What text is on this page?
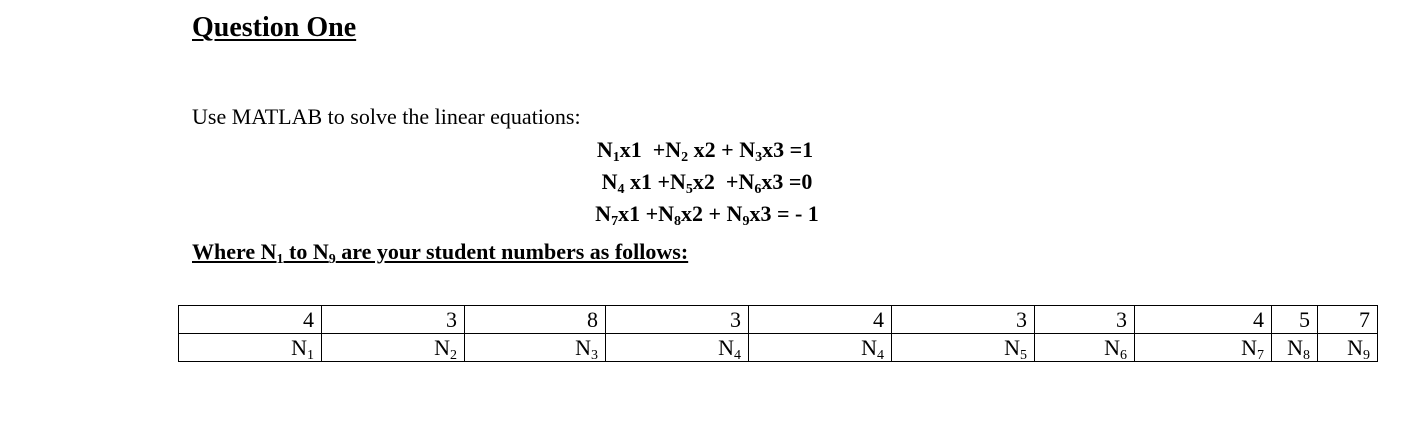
Question One
Use MATLAB to solve the linear equations:
$N_1x1 +N_2$ $x2 + N_3x3 =1$
$N_4$ $x1 +N_5x2 +N_6x3 =0$
$N_7x1 +N_8x2 + N_9x3$ = - 1
Where $N_1$ to $N_9$ are your student numbers as follows:
4	3	8	3	4	3	3	4	5	7
$N_1$	$N_2$	$N_3$	$N_4$	$N_4$	$N_5$	$N_6$	$N_7$	$N_8$	$N_9$
